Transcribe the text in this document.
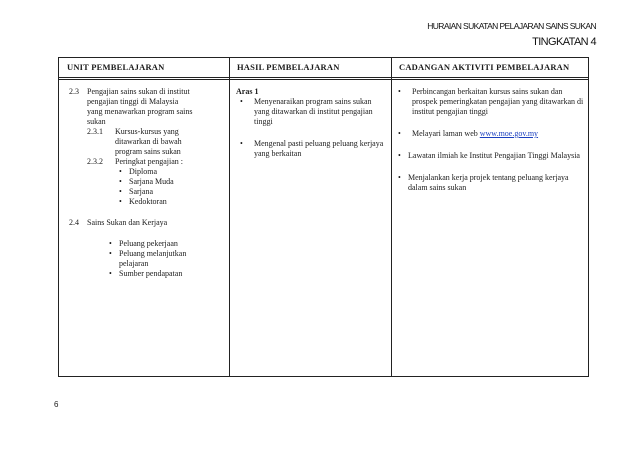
HURAIAN SUKATAN PELAJARAN SAINS SUKAN
TINGKATAN 4
UNIT PEMBELAJARAN	HASIL PEMBELAJARAN	CADANGAN AKTIVITI PEMBELAJARAN
2.3 Pengajian sains sukan di institut
pengajian tinggi di Malaysia
yang menawarkan program sains
sukan
2.3.1 Kursus-kursus yang
ditawarkan di bawah
program sains sukan
2.3.2 Peringkat pengajian :
• Diploma
• Sarjana Muda
• Sarjana
• Kedoktoran
2.4 Sains Sukan dan Kerjaya
• Peluang pekerjaan
• Peluang melanjutkan pelajaran
• Sumber pendapatan
Aras 1
• Menyenaraikan program sains sukan yang ditawarkan di institut pengajian tinggi
• Mengenal pasti peluang peluang kerjaya yang berkaitan
• Perbincangan berkaitan kursus sains sukan dan prospek pemeringkatan pengajian yang ditawarkan di institut pengajian tinggi
• Melayari laman web www.moe.gov.my
• Lawatan ilmiah ke Institut Pengajian Tinggi Malaysia
• Menjalankan kerja projek tentang peluang kerjaya dalam sains sukan
6
